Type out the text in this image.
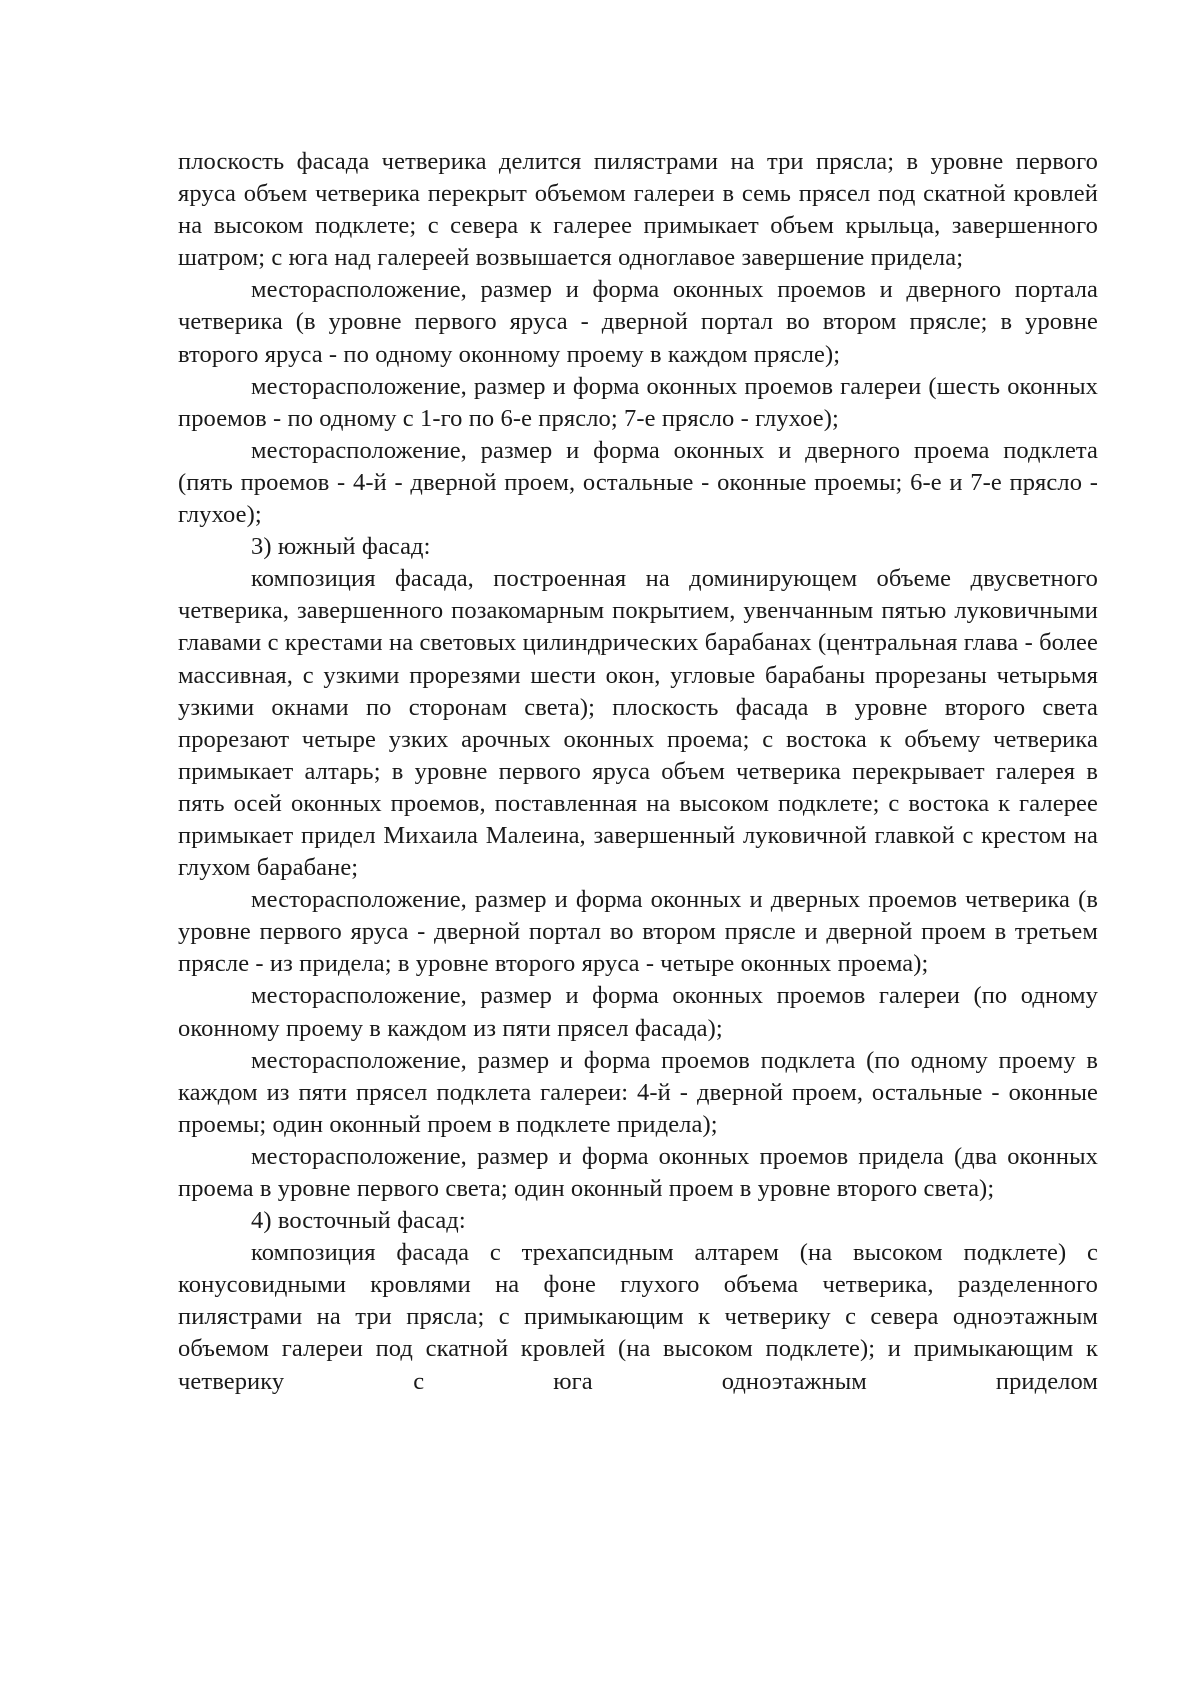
плоскость фасада четверика делится пилястрами на три прясла; в уровне первого яруса объем четверика перекрыт объемом галереи в семь прясел под скатной кровлей на высоком подклете; с севера к галерее примыкает объем крыльца, завершенного шатром; с юга над галереей возвышается одноглавое завершение придела;

месторасположение, размер и форма оконных проемов и дверного портала четверика (в уровне первого яруса - дверной портал во втором прясле; в уровне второго яруса - по одному оконному проему в каждом прясле);

месторасположение, размер и форма оконных проемов галереи (шесть оконных проемов - по одному с 1-го по 6-е прясло; 7-е прясло - глухое);

месторасположение, размер и форма оконных и дверного проема подклета (пять проемов - 4-й - дверной проем, остальные - оконные проемы; 6-е и 7-е прясло - глухое);

3) южный фасад:

композиция фасада, построенная на доминирующем объеме двусветного четверика, завершенного позакомарным покрытием, увенчанным пятью луковичными главами с крестами на световых цилиндрических барабанах (центральная глава - более массивная, с узкими прорезями шести окон, угловые барабаны прорезаны четырьмя узкими окнами по сторонам света); плоскость фасада в уровне второго света прорезают четыре узких арочных оконных проема; с востока к объему четверика примыкает алтарь; в уровне первого яруса объем четверика перекрывает галерея в пять осей оконных проемов, поставленная на высоком подклете; с востока к галерее примыкает придел Михаила Малеина, завершенный луковичной главкой с крестом на глухом барабане;

месторасположение, размер и форма оконных и дверных проемов четверика (в уровне первого яруса - дверной портал во втором прясле и дверной проем в третьем прясле - из придела; в уровне второго яруса - четыре оконных проема);

месторасположение, размер и форма оконных проемов галереи (по одному оконному проему в каждом из пяти прясел фасада);

месторасположение, размер и форма проемов подклета (по одному проему в каждом из пяти прясел подклета галереи: 4-й - дверной проем, остальные - оконные проемы; один оконный проем в подклете придела);

месторасположение, размер и форма оконных проемов придела (два оконных проема в уровне первого света; один оконный проем в уровне второго света);

4) восточный фасад:

композиция фасада с трехапсидным алтарем (на высоком подклете) с конусовидными кровлями на фоне глухого объема четверика, разделенного пилястрами на три прясла; с примыкающим к четверику с севера одноэтажным объемом галереи под скатной кровлей (на высоком подклете); и примыкающим к четверику с юга одноэтажным приделом
